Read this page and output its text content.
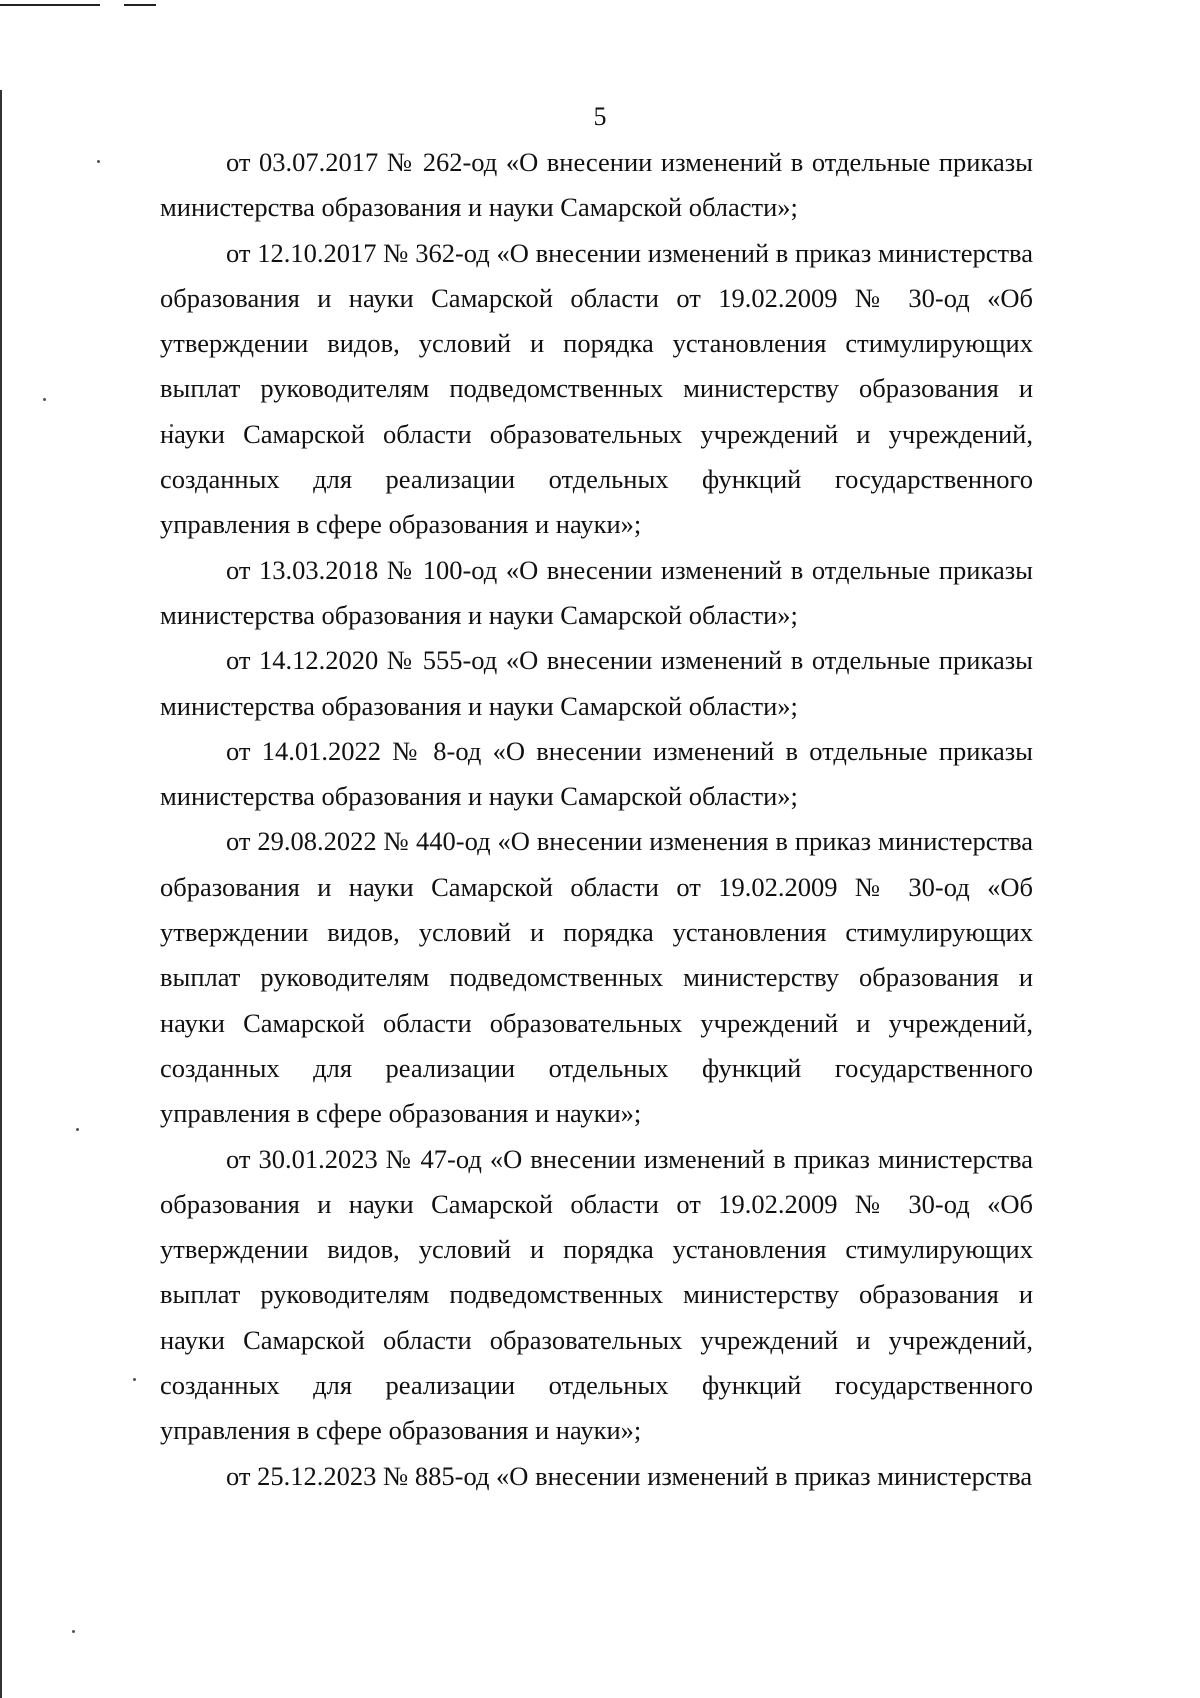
5

от 03.07.2017 № 262-од «О внесении изменений в отдельные приказы министерства образования и науки Самарской области»;

от 12.10.2017 № 362-од «О внесении изменений в приказ министерства образования и науки Самарской области от 19.02.2009 № 30-од «Об утверждении видов, условий и порядка установления стимулирующих выплат руководителям подведомственных министерству образования и науки Самарской области образовательных учреждений и учреждений, созданных для реализации отдельных функций государственного управления в сфере образования и науки»;

от 13.03.2018 № 100-од «О внесении изменений в отдельные приказы министерства образования и науки Самарской области»;

от 14.12.2020 № 555-од «О внесении изменений в отдельные приказы министерства образования и науки Самарской области»;

от 14.01.2022 № 8-од «О внесении изменений в отдельные приказы министерства образования и науки Самарской области»;

от 29.08.2022 № 440-од «О внесении изменения в приказ министерства образования и науки Самарской области от 19.02.2009 № 30-од «Об утверждении видов, условий и порядка установления стимулирующих выплат руководителям подведомственных министерству образования и науки Самарской области образовательных учреждений и учреждений, созданных для реализации отдельных функций государственного управления в сфере образования и науки»;

от 30.01.2023 № 47-од «О внесении изменений в приказ министерства образования и науки Самарской области от 19.02.2009 № 30-од «Об утверждении видов, условий и порядка установления стимулирующих выплат руководителям подведомственных министерству образования и науки Самарской области образовательных учреждений и учреждений, созданных для реализации отдельных функций государственного управления в сфере образования и науки»;

от 25.12.2023 № 885-од «О внесении изменений в приказ министерства
